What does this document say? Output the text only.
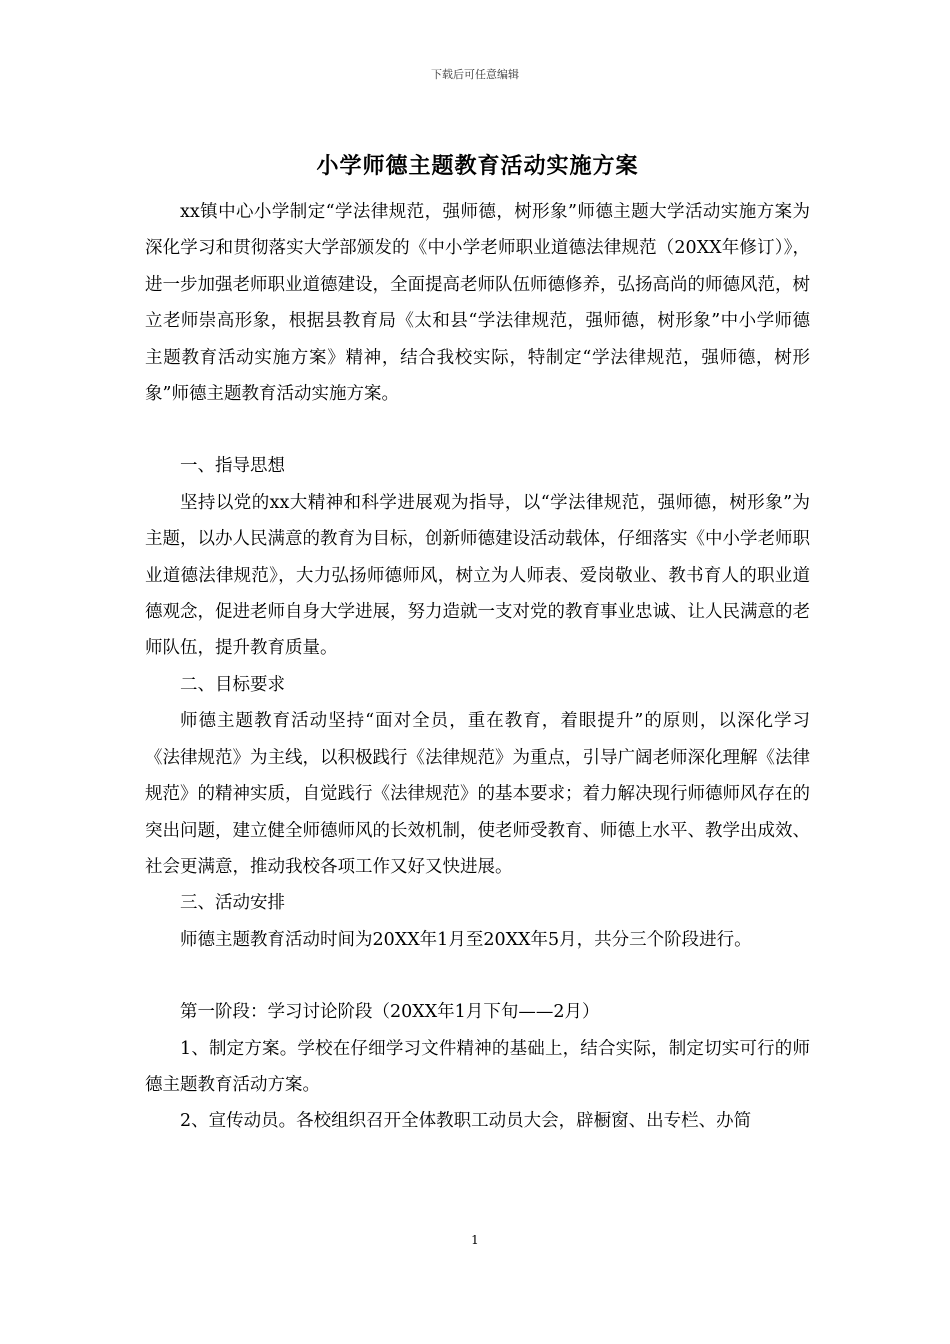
下载后可任意编辑
小学师德主题教育活动实施方案

xx镇中心小学制定“学法律规范，强师德，树形象”师德主题大学活动实施方案为深化学习和贯彻落实大学部颁发的《中小学老师职业道德法律规范（20XX年修订）》，进一步加强老师职业道德建设，全面提高老师队伍师德修养，弘扬高尚的师德风范，树立老师崇高形象，根据县教育局《太和县“学法律规范，强师德，树形象”中小学师德主题教育活动实施方案》精神，结合我校实际，特制定“学法律规范，强师德，树形象”师德主题教育活动实施方案。

一、指导思想

坚持以党的xx大精神和科学进展观为指导，以“学法律规范，强师德，树形象”为主题，以办人民满意的教育为目标，创新师德建设活动载体，仔细落实《中小学老师职业道德法律规范》，大力弘扬师德师风，树立为人师表、爱岗敬业、教书育人的职业道德观念，促进老师自身大学进展，努力造就一支对党的教育事业忠诚、让人民满意的老师队伍，提升教育质量。

二、目标要求

师德主题教育活动坚持“面对全员，重在教育，着眼提升”的原则，以深化学习《法律规范》为主线，以积极践行《法律规范》为重点，引导广阔老师深化理解《法律规范》的精神实质，自觉践行《法律规范》的基本要求；着力解决现行师德师风存在的突出问题，建立健全师德师风的长效机制，使老师受教育、师德上水平、教学出成效、社会更满意，推动我校各项工作又好又快进展。

三、活动安排

师德主题教育活动时间为20XX年1月至20XX年5月，共分三个阶段进行。

第一阶段：学习讨论阶段（20XX年1月下旬——2月）

1、制定方案。学校在仔细学习文件精神的基础上，结合实际，制定切实可行的师德主题教育活动方案。

2、宣传动员。各校组织召开全体教职工动员大会，辟橱窗、出专栏、办简

1
